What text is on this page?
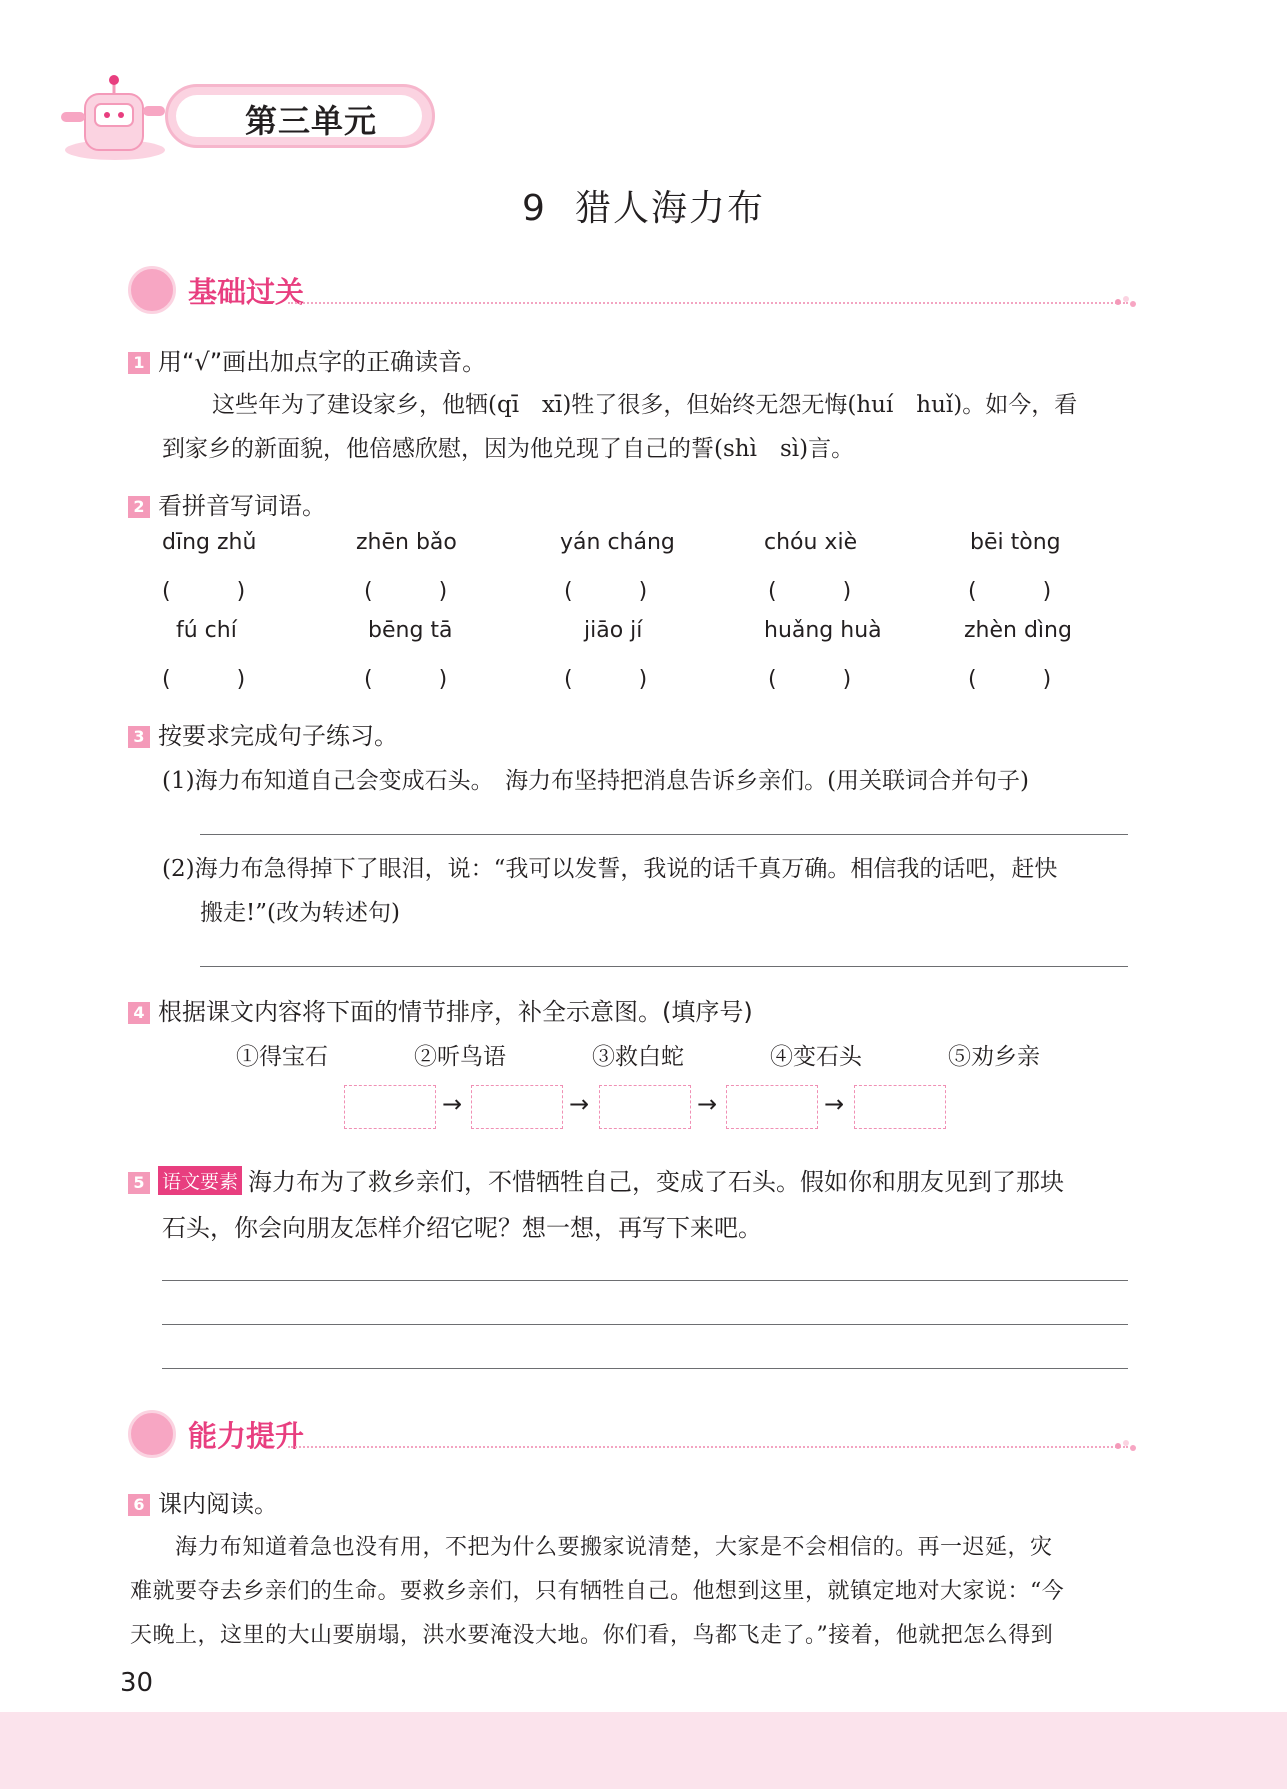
第三单元
9 猎人海力布
基础过关
1 用“√”画出加点字的正确读音。
这些年为了建设家乡，他牺(qī　xī)牲了很多，但始终无怨无悔(huí　huǐ)。如今，看
到家乡的新面貌，他倍感欣慰，因为他兑现了自己的誓(shì　sì)言。
2 看拼音写词语。
dīng zhǔ	zhēn bǎo	yán cháng	chóu xiè	bēi tòng
(　　　)	(　　　)	(　　　)	(　　　)	(　　　)
fú chí	bēng tā	jiāo jí	huǎng huà	zhèn dìng
(　　　)	(　　　)	(　　　)	(　　　)	(　　　)
3 按要求完成句子练习。
(1)海力布知道自己会变成石头。　海力布坚持把消息告诉乡亲们。(用关联词合并句子)
(2)海力布急得掉下了眼泪，说：“我可以发誓，我说的话千真万确。相信我的话吧，赶快
搬走!”(改为转述句)
4 根据课文内容将下面的情节排序，补全示意图。(填序号)
①得宝石	②听鸟语	③救白蛇	④变石头	⑤劝乡亲
→	→	→	→
5 语文要素 海力布为了救乡亲们，不惜牺牲自己，变成了石头。假如你和朋友见到了那块
石头，你会向朋友怎样介绍它呢？想一想，再写下来吧。
能力提升
6 课内阅读。
　　海力布知道着急也没有用，不把为什么要搬家说清楚，大家是不会相信的。再一迟延，灾
难就要夺去乡亲们的生命。要救乡亲们，只有牺牲自己。他想到这里，就镇定地对大家说：“今
天晚上，这里的大山要崩塌，洪水要淹没大地。你们看，鸟都飞走了。”接着，他就把怎么得到
30
